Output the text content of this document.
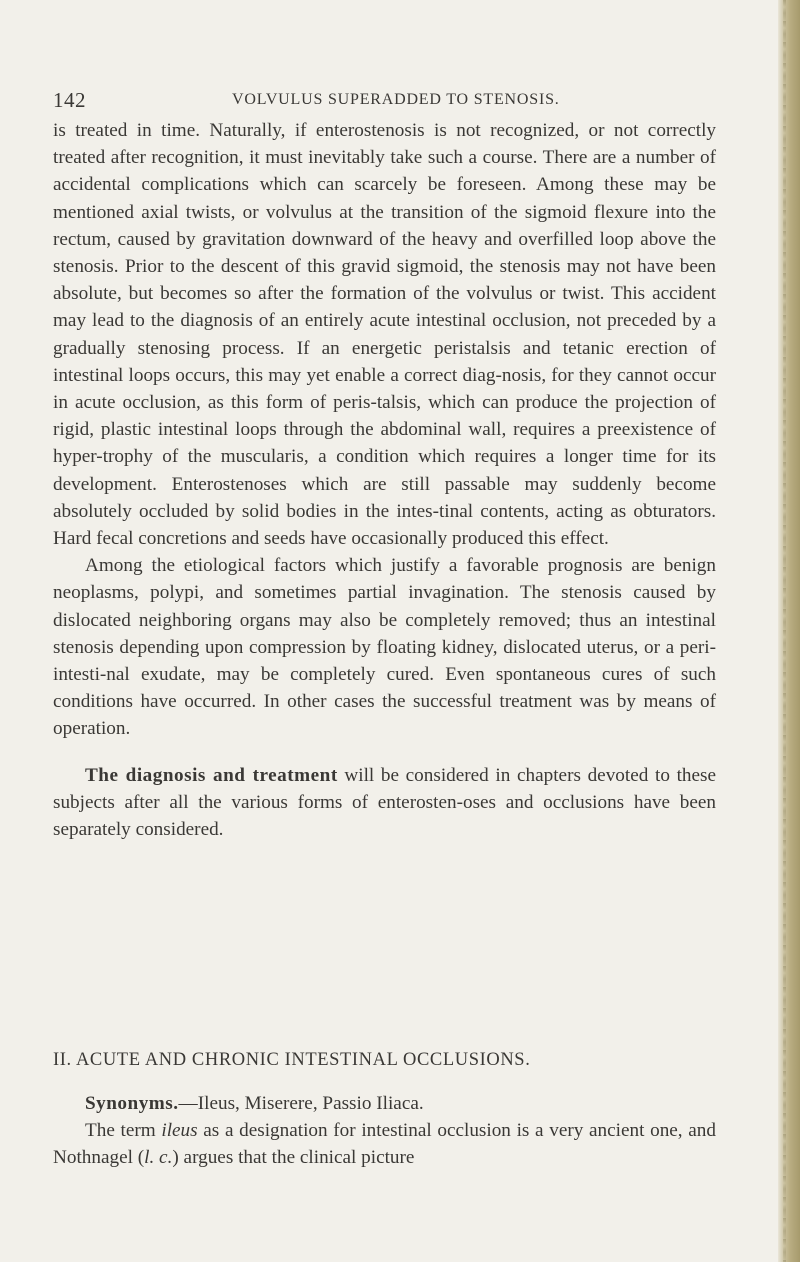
142	VOLVULUS SUPERADDED TO STENOSIS.

is treated in time. Naturally, if enterostenosis is not recognized, or not correctly treated after recognition, it must inevitably take such a course. There are a number of accidental complications which can scarcely be foreseen. Among these may be mentioned axial twists, or volvulus at the transition of the sigmoid flexure into the rectum, caused by gravitation downward of the heavy and overfilled loop above the stenosis. Prior to the descent of this gravid sigmoid, the stenosis may not have been absolute, but becomes so after the formation of the volvulus or twist. This accident may lead to the diagnosis of an entirely acute intestinal occlusion, not preceded by a gradually stenosing process. If an energetic peristalsis and tetanic erection of intestinal loops occurs, this may yet enable a correct diag-nosis, for they cannot occur in acute occlusion, as this form of peris-talsis, which can produce the projection of rigid, plastic intestinal loops through the abdominal wall, requires a preexistence of hyper-trophy of the muscularis, a condition which requires a longer time for its development. Enterostenoses which are still passable may suddenly become absolutely occluded by solid bodies in the intes-tinal contents, acting as obturators. Hard fecal concretions and seeds have occasionally produced this effect.

Among the etiological factors which justify a favorable prognosis are benign neoplasms, polypi, and sometimes partial invagination. The stenosis caused by dislocated neighboring organs may also be completely removed; thus an intestinal stenosis depending upon compression by floating kidney, dislocated uterus, or a peri-intesti-nal exudate, may be completely cured. Even spontaneous cures of such conditions have occurred. In other cases the successful treatment was by means of operation.

The diagnosis and treatment will be considered in chapters devoted to these subjects after all the various forms of enterosten-oses and occlusions have been separately considered.

II. ACUTE AND CHRONIC INTESTINAL OCCLUSIONS.

Synonyms.—Ileus, Miserere, Passio Iliaca.

The term ileus as a designation for intestinal occlusion is a very ancient one, and Nothnagel (l. c.) argues that the clinical picture
